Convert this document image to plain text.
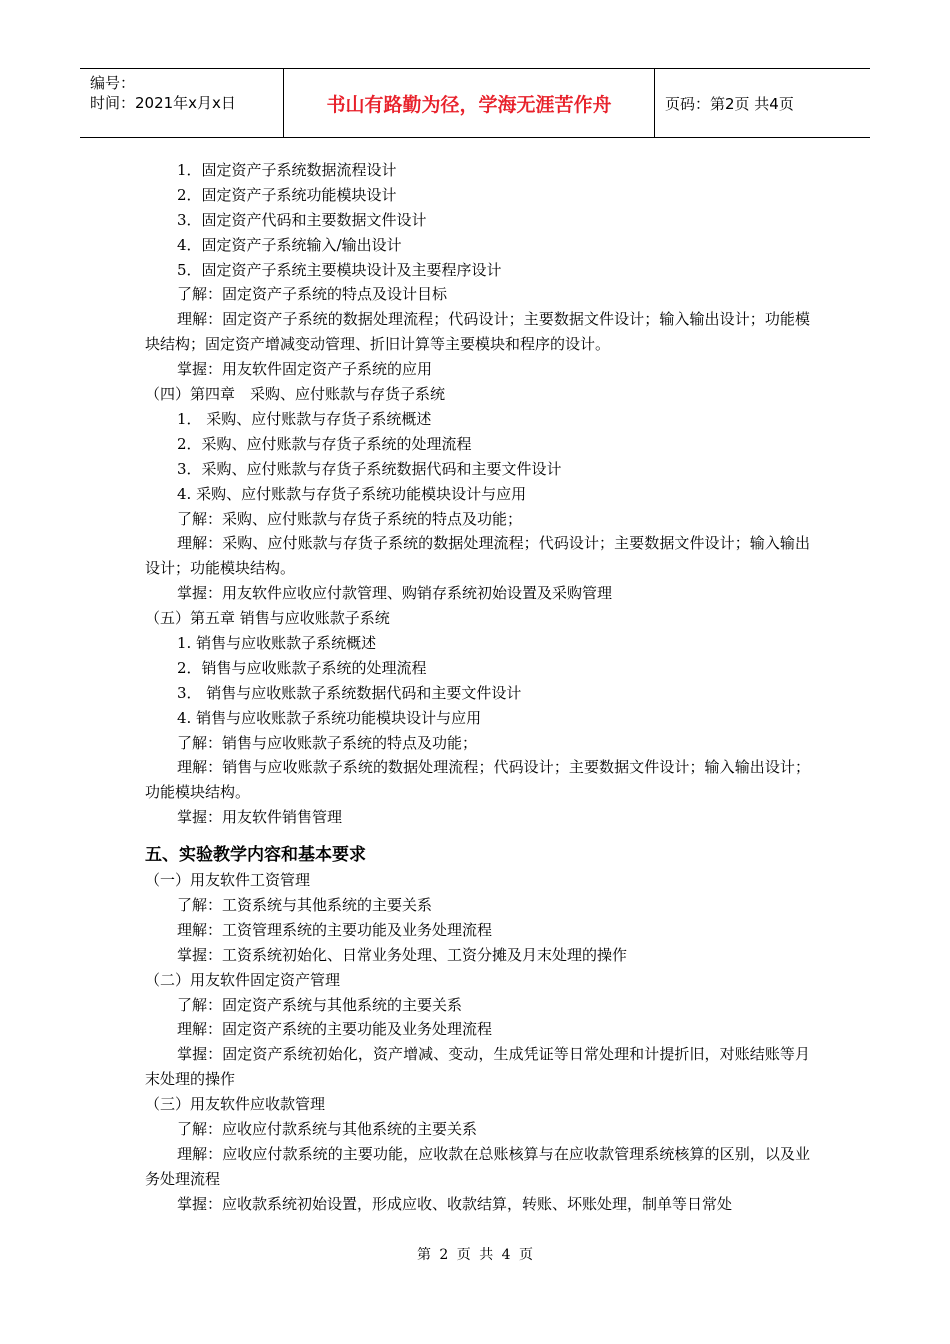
编号：
时间：2021年x月x日	书山有路勤为径，学海无涯苦作舟	页码：第2页 共4页
1．固定资产子系统数据流程设计
2．固定资产子系统功能模块设计
3．固定资产代码和主要数据文件设计
4．固定资产子系统输入/输出设计
5．固定资产子系统主要模块设计及主要程序设计
了解：固定资产子系统的特点及设计目标
理解：固定资产子系统的数据处理流程；代码设计；主要数据文件设计；输入输出设计；功能模块结构；固定资产增减变动管理、折旧计算等主要模块和程序的设计。
掌握：用友软件固定资产子系统的应用
（四）第四章　采购、应付账款与存货子系统
1． 采购、应付账款与存货子系统概述
2．采购、应付账款与存货子系统的处理流程
3．采购、应付账款与存货子系统数据代码和主要文件设计
4. 采购、应付账款与存货子系统功能模块设计与应用
了解：采购、应付账款与存货子系统的特点及功能；
理解：采购、应付账款与存货子系统的数据处理流程；代码设计；主要数据文件设计；输入输出设计；功能模块结构。
掌握：用友软件应收应付款管理、购销存系统初始设置及采购管理
（五）第五章 销售与应收账款子系统
1. 销售与应收账款子系统概述
2．销售与应收账款子系统的处理流程
3． 销售与应收账款子系统数据代码和主要文件设计
4. 销售与应收账款子系统功能模块设计与应用
了解：销售与应收账款子系统的特点及功能；
理解：销售与应收账款子系统的数据处理流程；代码设计；主要数据文件设计；输入输出设计；功能模块结构。
掌握：用友软件销售管理
五、实验教学内容和基本要求
（一）用友软件工资管理
了解：工资系统与其他系统的主要关系
理解：工资管理系统的主要功能及业务处理流程
掌握：工资系统初始化、日常业务处理、工资分摊及月末处理的操作
（二）用友软件固定资产管理
了解：固定资产系统与其他系统的主要关系
理解：固定资产系统的主要功能及业务处理流程
掌握：固定资产系统初始化，资产增减、变动，生成凭证等日常处理和计提折旧，对账结账等月末处理的操作
（三）用友软件应收款管理
了解：应收应付款系统与其他系统的主要关系
理解：应收应付款系统的主要功能，应收款在总账核算与在应收款管理系统核算的区别，以及业务处理流程
掌握：应收款系统初始设置，形成应收、收款结算，转账、坏账处理，制单等日常处
第 2 页 共 4 页
